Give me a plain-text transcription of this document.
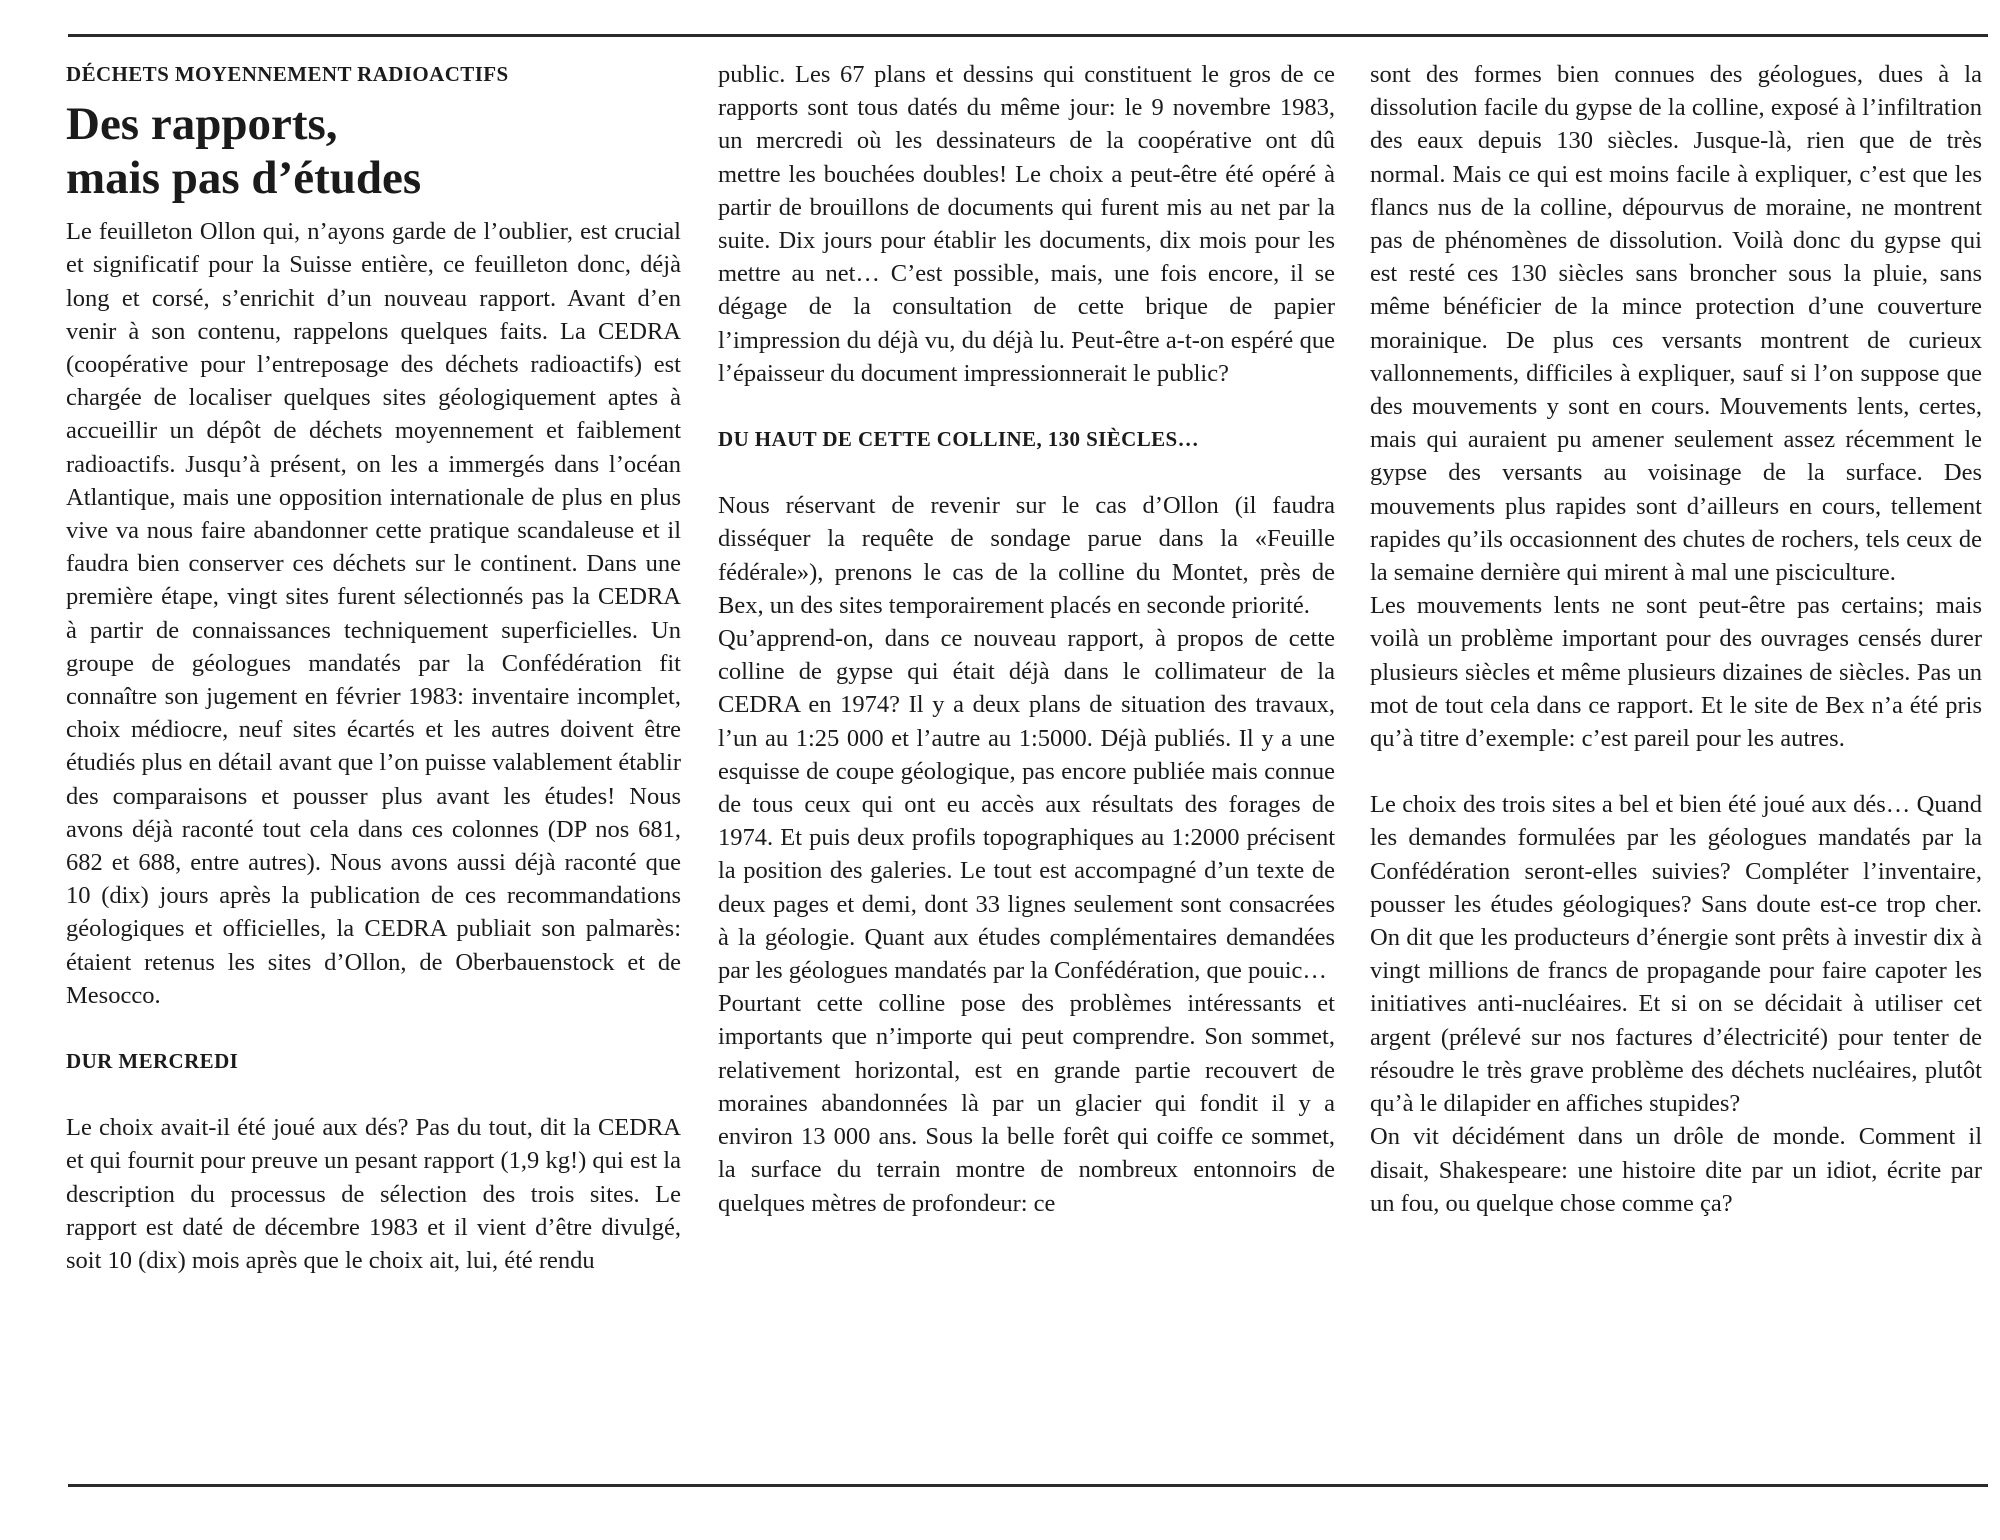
DÉCHETS MOYENNEMENT RADIOACTIFS
Des rapports,
mais pas d’études

Le feuilleton Ollon qui, n’ayons garde de l’oublier, est crucial et significatif pour la Suisse entière, ce feuilleton donc, déjà long et corsé, s’enrichit d’un nouveau rapport. Avant d’en venir à son contenu, rappelons quelques faits. La CEDRA (coopérative pour l’entreposage des déchets radioactifs) est chargée de localiser quelques sites géologiquement aptes à accueillir un dépôt de déchets moyennement et faiblement radioactifs. Jusqu’à présent, on les a immergés dans l’océan Atlantique, mais une opposition internationale de plus en plus vive va nous faire abandonner cette pratique scandaleuse et il faudra bien conserver ces déchets sur le continent. Dans une première étape, vingt sites furent sélectionnés pas la CEDRA à partir de connaissances techniquement superficielles. Un groupe de géologues mandatés par la Confédération fit connaître son jugement en février 1983: inventaire incomplet, choix médiocre, neuf sites écartés et les autres doivent être étudiés plus en détail avant que l’on puisse valablement établir des comparaisons et pousser plus avant les études! Nous avons déjà raconté tout cela dans ces colonnes (DP nos 681, 682 et 688, entre autres). Nous avons aussi déjà raconté que 10 (dix) jours après la publication de ces recommandations géologiques et officielles, la CEDRA publiait son palmarès: étaient retenus les sites d’Ollon, de Oberbauenstock et de Mesocco.

DUR MERCREDI

Le choix avait-il été joué aux dés? Pas du tout, dit la CEDRA et qui fournit pour preuve un pesant rapport (1,9 kg!) qui est la description du processus de sélection des trois sites. Le rapport est daté de décembre 1983 et il vient d’être divulgé, soit 10 (dix) mois après que le choix ait, lui, été rendu

public. Les 67 plans et dessins qui constituent le gros de ce rapports sont tous datés du même jour: le 9 novembre 1983, un mercredi où les dessinateurs de la coopérative ont dû mettre les bouchées doubles! Le choix a peut-être été opéré à partir de brouillons de documents qui furent mis au net par la suite. Dix jours pour établir les documents, dix mois pour les mettre au net… C’est possible, mais, une fois encore, il se dégage de la consultation de cette brique de papier l’impression du déjà vu, du déjà lu. Peut-être a-t-on espéré que l’épaisseur du document impressionnerait le public?

DU HAUT DE CETTE COLLINE, 130 SIÈCLES…

Nous réservant de revenir sur le cas d’Ollon (il faudra disséquer la requête de sondage parue dans la «Feuille fédérale»), prenons le cas de la colline du Montet, près de Bex, un des sites temporairement placés en seconde priorité.

Qu’apprend-on, dans ce nouveau rapport, à propos de cette colline de gypse qui était déjà dans le collimateur de la CEDRA en 1974? Il y a deux plans de situation des travaux, l’un au 1:25 000 et l’autre au 1:5000. Déjà publiés. Il y a une esquisse de coupe géologique, pas encore publiée mais connue de tous ceux qui ont eu accès aux résultats des forages de 1974. Et puis deux profils topographiques au 1:2000 précisent la position des galeries. Le tout est accompagné d’un texte de deux pages et demi, dont 33 lignes seulement sont consacrées à la géologie. Quant aux études complémentaires demandées par les géologues mandatés par la Confédération, que pouic…

Pourtant cette colline pose des problèmes intéressants et importants que n’importe qui peut comprendre. Son sommet, relativement horizontal, est en grande partie recouvert de moraines abandonnées là par un glacier qui fondit il y a environ 13 000 ans. Sous la belle forêt qui coiffe ce sommet, la surface du terrain montre de nombreux entonnoirs de quelques mètres de profondeur: ce

sont des formes bien connues des géologues, dues à la dissolution facile du gypse de la colline, exposé à l’infiltration des eaux depuis 130 siècles. Jusque-là, rien que de très normal. Mais ce qui est moins facile à expliquer, c’est que les flancs nus de la colline, dépourvus de moraine, ne montrent pas de phénomènes de dissolution. Voilà donc du gypse qui est resté ces 130 siècles sans broncher sous la pluie, sans même bénéficier de la mince protection d’une couverture morainique. De plus ces versants montrent de curieux vallonnements, difficiles à expliquer, sauf si l’on suppose que des mouvements y sont en cours. Mouvements lents, certes, mais qui auraient pu amener seulement assez récemment le gypse des versants au voisinage de la surface. Des mouvements plus rapides sont d’ailleurs en cours, tellement rapides qu’ils occasionnent des chutes de rochers, tels ceux de la semaine dernière qui mirent à mal une pisciculture.

Les mouvements lents ne sont peut-être pas certains; mais voilà un problème important pour des ouvrages censés durer plusieurs siècles et même plusieurs dizaines de siècles. Pas un mot de tout cela dans ce rapport. Et le site de Bex n’a été pris qu’à titre d’exemple: c’est pareil pour les autres.

Le choix des trois sites a bel et bien été joué aux dés… Quand les demandes formulées par les géologues mandatés par la Confédération seront-elles suivies? Compléter l’inventaire, pousser les études géologiques? Sans doute est-ce trop cher. On dit que les producteurs d’énergie sont prêts à investir dix à vingt millions de francs de propagande pour faire capoter les initiatives anti-nucléaires. Et si on se décidait à utiliser cet argent (prélevé sur nos factures d’électricité) pour tenter de résoudre le très grave problème des déchets nucléaires, plutôt qu’à le dilapider en affiches stupides?

On vit décidément dans un drôle de monde. Comment il disait, Shakespeare: une histoire dite par un idiot, écrite par un fou, ou quelque chose comme ça?
